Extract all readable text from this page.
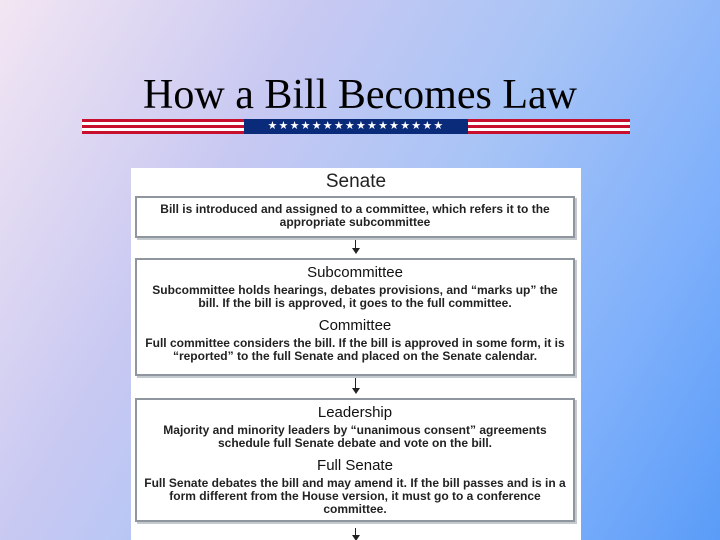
How a Bill Becomes Law
★★★★★★★★★★★★★★★★
Senate
Bill is introduced and assigned to a committee, which refers it to the appropriate subcommittee
Subcommittee
Subcommittee holds hearings, debates provisions, and “marks up” the bill. If the bill is approved, it goes to the full committee.
Committee
Full committee considers the bill. If the bill is approved in some form, it is “reported” to the full Senate and placed on the Senate calendar.
Leadership
Majority and minority leaders by “unanimous consent” agreements schedule full Senate debate and vote on the bill.
Full Senate
Full Senate debates the bill and may amend it. If the bill passes and is in a form different from the House version, it must go to a conference committee.
